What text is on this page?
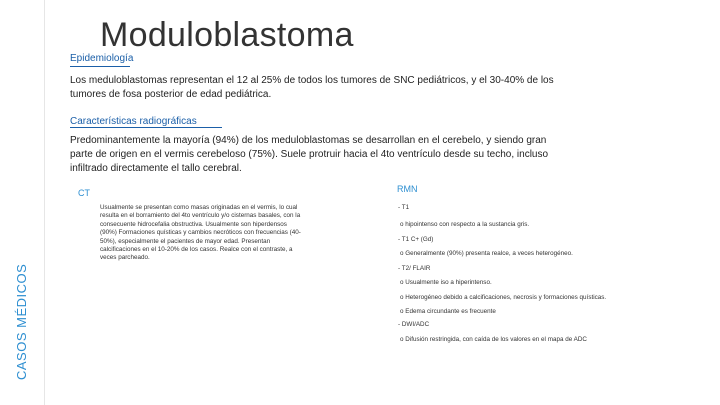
CASOS MÉDICOS
Moduloblastoma
Epidemiología
Los meduloblastomas representan el 12 al 25% de todos los tumores de SNC pediátricos, y el 30-40% de los tumores de fosa posterior de edad pediátrica.
Características radiográficas
Predominantemente la mayoría (94%) de los meduloblastomas se desarrollan en el cerebelo, y siendo gran parte de origen en el vermis cerebeloso (75%). Suele protruir hacia el 4to ventrículo desde su techo, incluso infiltrado directamente el tallo cerebral.
CT
Usualmente se presentan como masas originadas en el vermis, lo cual resulta en el borramiento del 4to ventrículo y/o cisternas basales, con la consecuente hidrocefalia obstructiva. Usualmente son hiperdensos (90%) Formaciones quísticas y cambios necróticos con frecuencias (40-50%), especialmente el pacientes de mayor edad. Presentan calcificaciones en el 10-20% de los casos. Realce con el contraste, a veces parcheado.
RMN
- T1
o hipointenso con respecto a la sustancia gris.
- T1 C+ (Gd)
o Generalmente (90%) presenta realce, a veces heterogéneo.
- T2/ FLAIR
o Usualmente iso a hiperintenso.
o Heterogéneo debido a calcificaciones, necrosis y formaciones quísticas.
o Edema circundante es frecuente
- DWI/ADC
o Difusión restringida, con caída de los valores en el mapa de ADC
